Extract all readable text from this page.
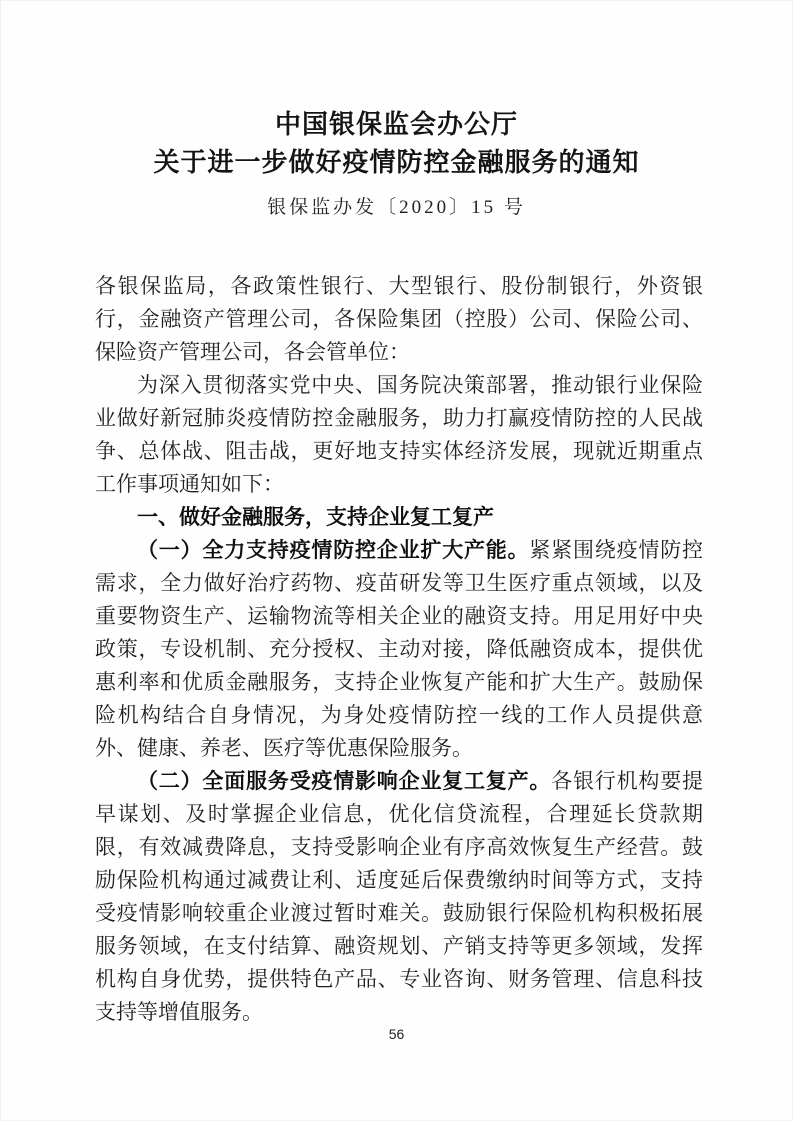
中国银保监会办公厅
关于进一步做好疫情防控金融服务的通知
银保监办发〔2020〕15 号

各银保监局，各政策性银行、大型银行、股份制银行，外资银行，金融资产管理公司，各保险集团（控股）公司、保险公司、保险资产管理公司，各会管单位：

为深入贯彻落实党中央、国务院决策部署，推动银行业保险业做好新冠肺炎疫情防控金融服务，助力打赢疫情防控的人民战争、总体战、阻击战，更好地支持实体经济发展，现就近期重点工作事项通知如下：

一、做好金融服务，支持企业复工复产

（一）全力支持疫情防控企业扩大产能。紧紧围绕疫情防控需求，全力做好治疗药物、疫苗研发等卫生医疗重点领域，以及重要物资生产、运输物流等相关企业的融资支持。用足用好中央政策，专设机制、充分授权、主动对接，降低融资成本，提供优惠利率和优质金融服务，支持企业恢复产能和扩大生产。鼓励保险机构结合自身情况，为身处疫情防控一线的工作人员提供意外、健康、养老、医疗等优惠保险服务。

（二）全面服务受疫情影响企业复工复产。各银行机构要提早谋划、及时掌握企业信息，优化信贷流程，合理延长贷款期限，有效减费降息，支持受影响企业有序高效恢复生产经营。鼓励保险机构通过减费让利、适度延后保费缴纳时间等方式，支持受疫情影响较重企业渡过暂时难关。鼓励银行保险机构积极拓展服务领域，在支付结算、融资规划、产销支持等更多领域，发挥机构自身优势，提供特色产品、专业咨询、财务管理、信息科技支持等增值服务。

56
